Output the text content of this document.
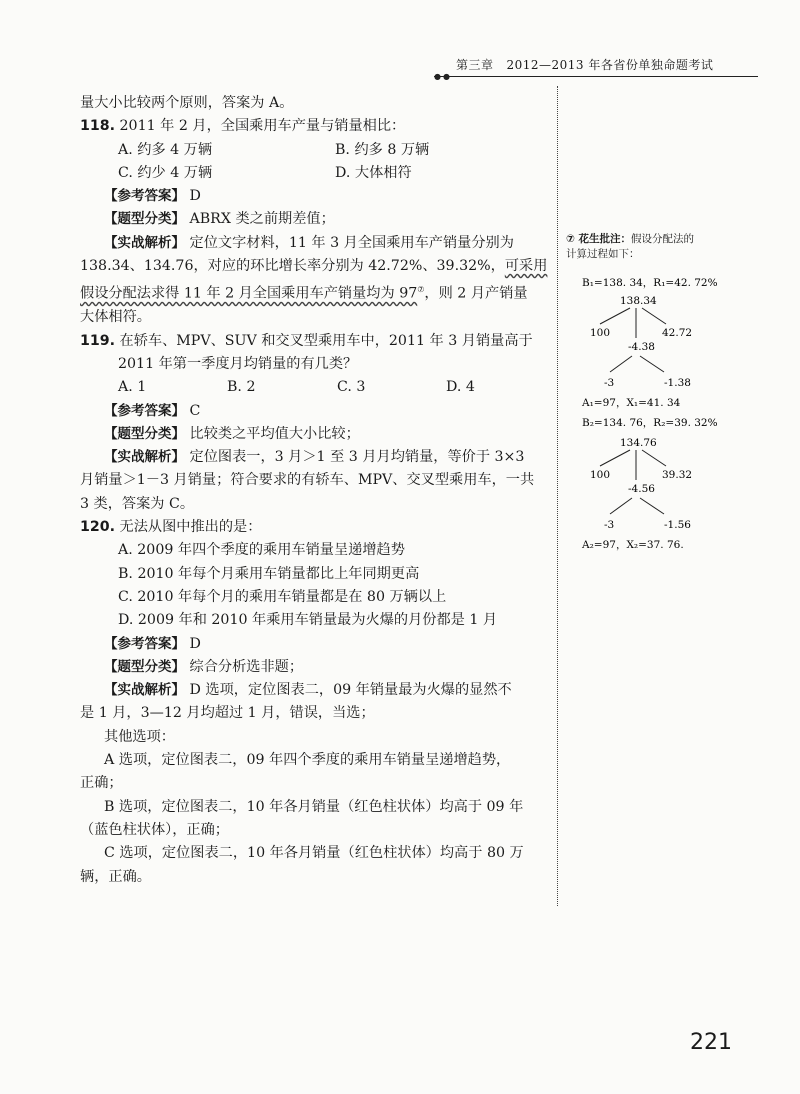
第三章 2012—2013 年各省份单独命题考试
●●
量大小比较两个原则，答案为 A。
118. 2011 年 2 月，全国乘用车产量与销量相比：
A. 约多 4 万辆	B. 约多 8 万辆
C. 约少 4 万辆	D. 大体相符
【参考答案】 D
【题型分类】 ABRX 类之前期差值；
【实战解析】 定位文字材料，11 年 3 月全国乘用车产销量分别为
138.34、134.76，对应的环比增长率分别为 42.72%、39.32%，可采用
假设分配法求得 11 年 2 月全国乘用车产销量均为 97⑦，则 2 月产销量
大体相符。
119. 在轿车、MPV、SUV 和交叉型乘用车中，2011 年 3 月销量高于
2011 年第一季度月均销量的有几类？
A. 1	B. 2	C. 3	D. 4
【参考答案】 C
【题型分类】 比较类之平均值大小比较；
【实战解析】 定位图表一，3 月＞1 至 3 月月均销量，等价于 3×3
月销量＞1－3 月销量；符合要求的有轿车、MPV、交叉型乘用车，一共
3 类，答案为 C。
120. 无法从图中推出的是：
A. 2009 年四个季度的乘用车销量呈递增趋势
B. 2010 年每个月乘用车销量都比上年同期更高
C. 2010 年每个月的乘用车销量都是在 80 万辆以上
D. 2009 年和 2010 年乘用车销量最为火爆的月份都是 1 月
【参考答案】 D
【题型分类】 综合分析选非题；
【实战解析】 D 选项，定位图表二，09 年销量最为火爆的显然不
是 1 月，3—12 月均超过 1 月，错误，当选；
其他选项：
A 选项，定位图表二，09 年四个季度的乘用车销量呈递增趋势，
正确；
B 选项，定位图表二，10 年各月销量（红色柱状体）均高于 09 年
（蓝色柱状体），正确；
C 选项，定位图表二，10 年各月销量（红色柱状体）均高于 80 万
辆，正确。
⑦ 花生批注：假设分配法的
计算过程如下：
B₁=138. 34，R₁=42. 72%
138.34
100
-4.38
42.72
-3	-1.38
A₁=97，X₁=41. 34
B₂=134. 76，R₂=39. 32%
134.76
100
-4.56
39.32
-3	-1.56
A₂=97，X₂=37. 76.
221
